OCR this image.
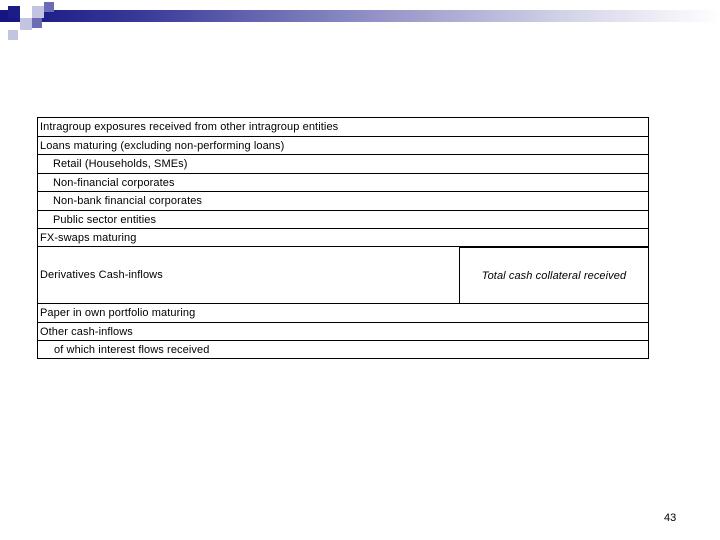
Intragroup exposures received from other intragroup entities
Loans maturing (excluding non-performing loans)
Retail (Households, SMEs)
Non-financial corporates
Non-bank financial corporates
Public sector entities
FX-swaps maturing
Derivatives Cash-inflows	Total cash collateral received
Paper in own portfolio maturing
Other cash-inflows
of which interest flows received
43
